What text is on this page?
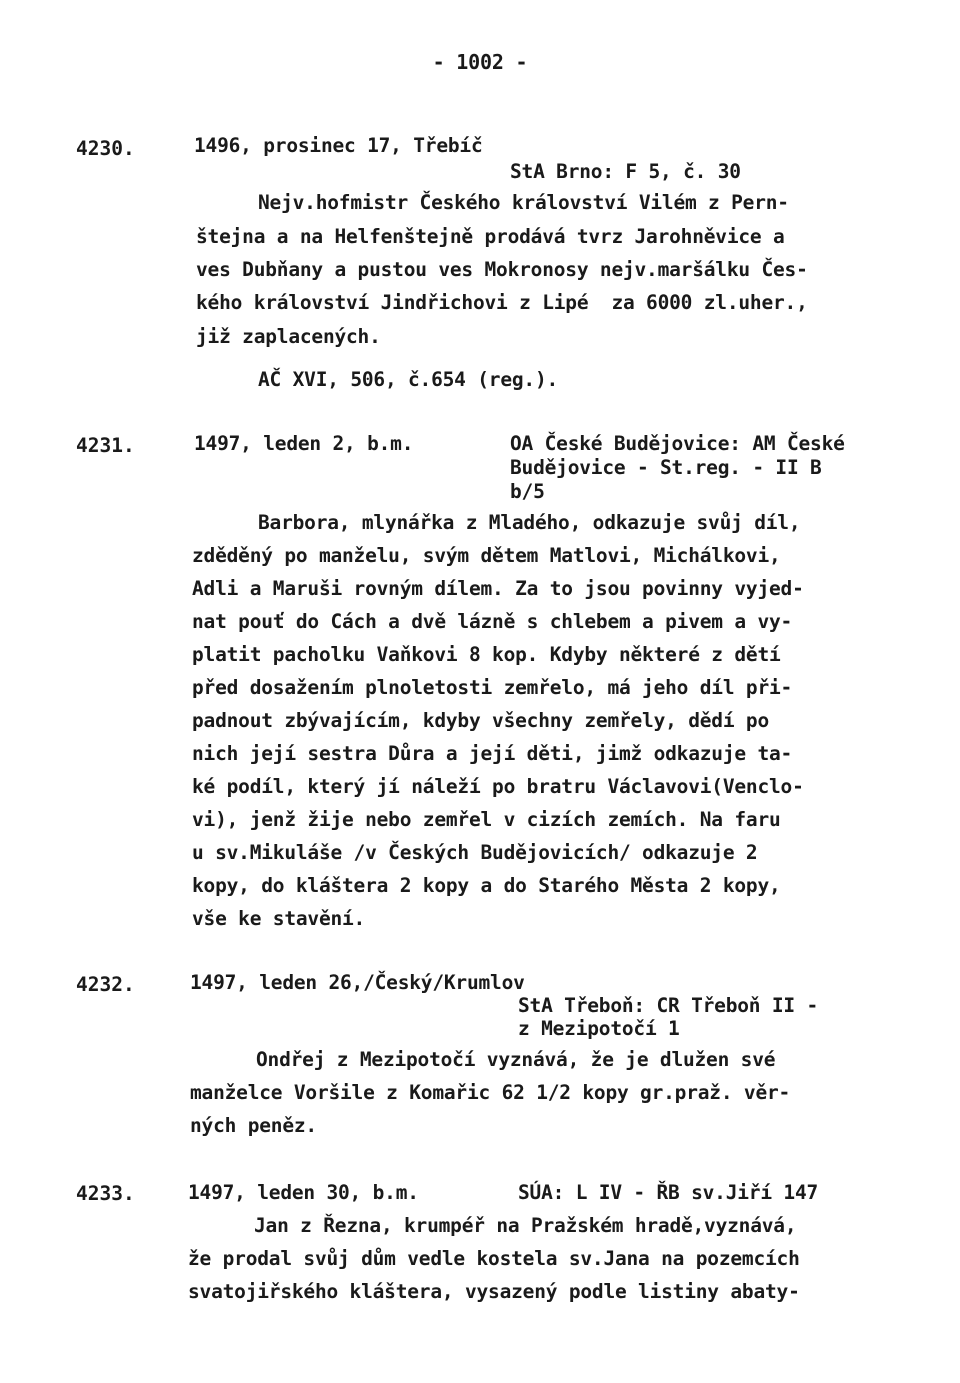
- 1002 -
4230.	1496, prosinec 17, Třebíč
StA Brno: F 5, č. 30
Nejv.hofmistr Českého království Vilém z Pern-
štejna a na Helfenštejně prodává tvrz Jarohněvice a
ves Dubňany a pustou ves Mokronosy nejv.maršálku Čes-
kého království Jindřichovi z Lipé  za 6000 zl.uher.,
již zaplacených.
AČ XVI, 506, č.654 (reg.).
4231.	1497, leden 2, b.m.	OA České Budějovice: AM České
Budějovice - St.reg. - II B
b/5
Barbora, mlynářka z Mladého, odkazuje svůj díl,
zděděný po manželu, svým dětem Matlovi, Michálkovi,
Adli a Maruši rovným dílem. Za to jsou povinny vyjed-
nat pouť do Cách a dvě lázně s chlebem a pivem a vy-
platit pacholku Vaňkovi 8 kop. Kdyby některé z dětí
před dosažením plnoletosti zemřelo, má jeho díl při-
padnout zbývajícím, kdyby všechny zemřely, dědí po
nich její sestra Důra a její děti, jimž odkazuje ta-
ké podíl, který jí náleží po bratru Václavovi(Venclo-
vi), jenž žije nebo zemřel v cizích zemích. Na faru
u sv.Mikuláše /v Českých Budějovicích/ odkazuje 2
kopy, do kláštera 2 kopy a do Starého Města 2 kopy,
vše ke stavění.
4232.	1497, leden 26,/Český/Krumlov
StA Třeboň: CR Třeboň II -
z Mezipotočí 1
Ondřej z Mezipotočí vyznává, že je dlužen své
manželce Voršile z Komařic 62 1/2 kopy gr.praž. věr-
ných peněz.
4233.	1497, leden 30, b.m.	SÚA: L IV - ŘB sv.Jiří 147
Jan z Řezna, krumpéř na Pražském hradě,vyznává,
že prodal svůj dům vedle kostela sv.Jana na pozemcích
svatojiřského kláštera, vysazený podle listiny abaty-
